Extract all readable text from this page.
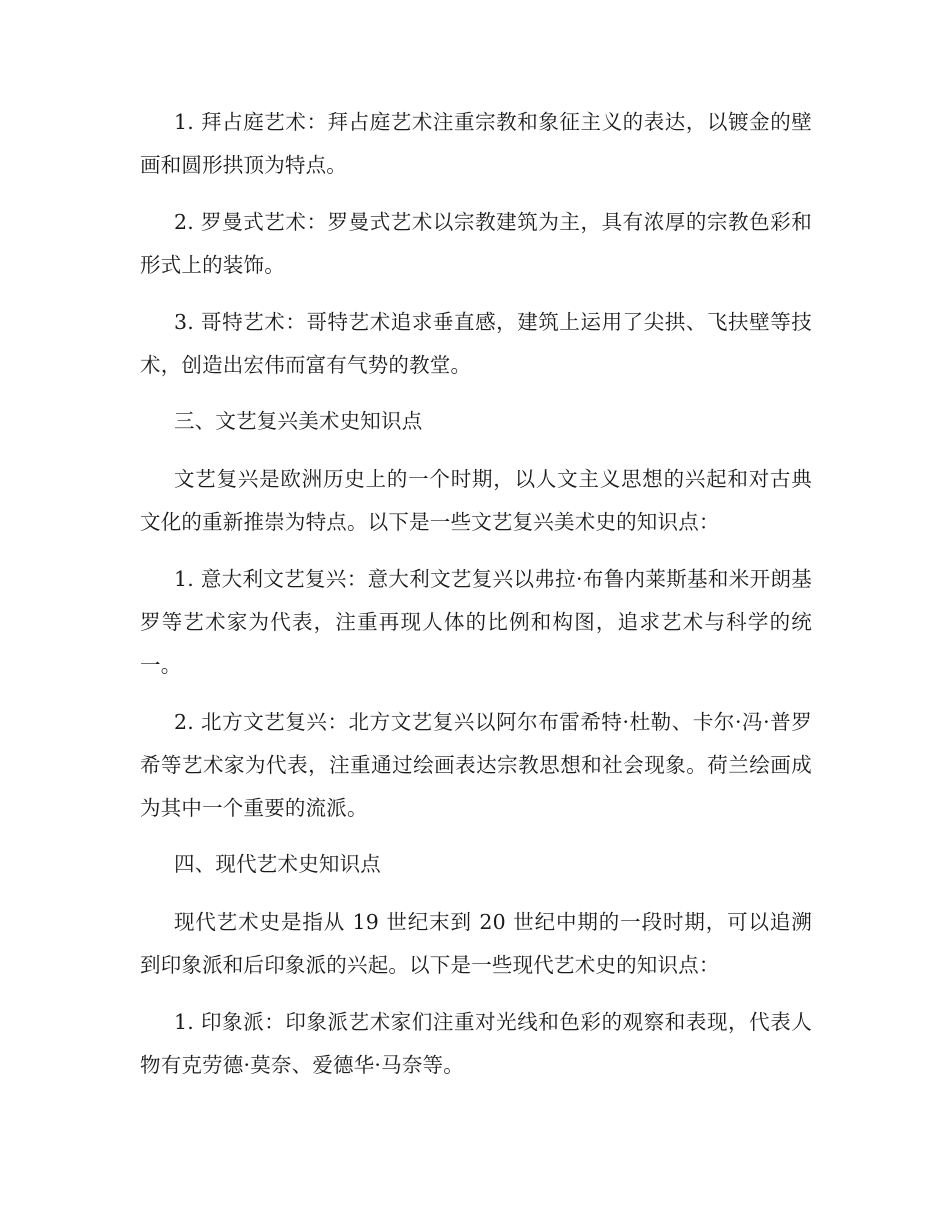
1. 拜占庭艺术：拜占庭艺术注重宗教和象征主义的表达，以镀金的壁画和圆形拱顶为特点。

2. 罗曼式艺术：罗曼式艺术以宗教建筑为主，具有浓厚的宗教色彩和形式上的装饰。

3. 哥特艺术：哥特艺术追求垂直感，建筑上运用了尖拱、飞扶壁等技术，创造出宏伟而富有气势的教堂。

三、文艺复兴美术史知识点

文艺复兴是欧洲历史上的一个时期，以人文主义思想的兴起和对古典文化的重新推崇为特点。以下是一些文艺复兴美术史的知识点：

1. 意大利文艺复兴：意大利文艺复兴以弗拉·布鲁内莱斯基和米开朗基罗等艺术家为代表，注重再现人体的比例和构图，追求艺术与科学的统一。

2. 北方文艺复兴：北方文艺复兴以阿尔布雷希特·杜勒、卡尔·冯·普罗希等艺术家为代表，注重通过绘画表达宗教思想和社会现象。荷兰绘画成为其中一个重要的流派。

四、现代艺术史知识点

现代艺术史是指从 19 世纪末到 20 世纪中期的一段时期，可以追溯到印象派和后印象派的兴起。以下是一些现代艺术史的知识点：

1. 印象派：印象派艺术家们注重对光线和色彩的观察和表现，代表人物有克劳德·莫奈、爱德华·马奈等。
